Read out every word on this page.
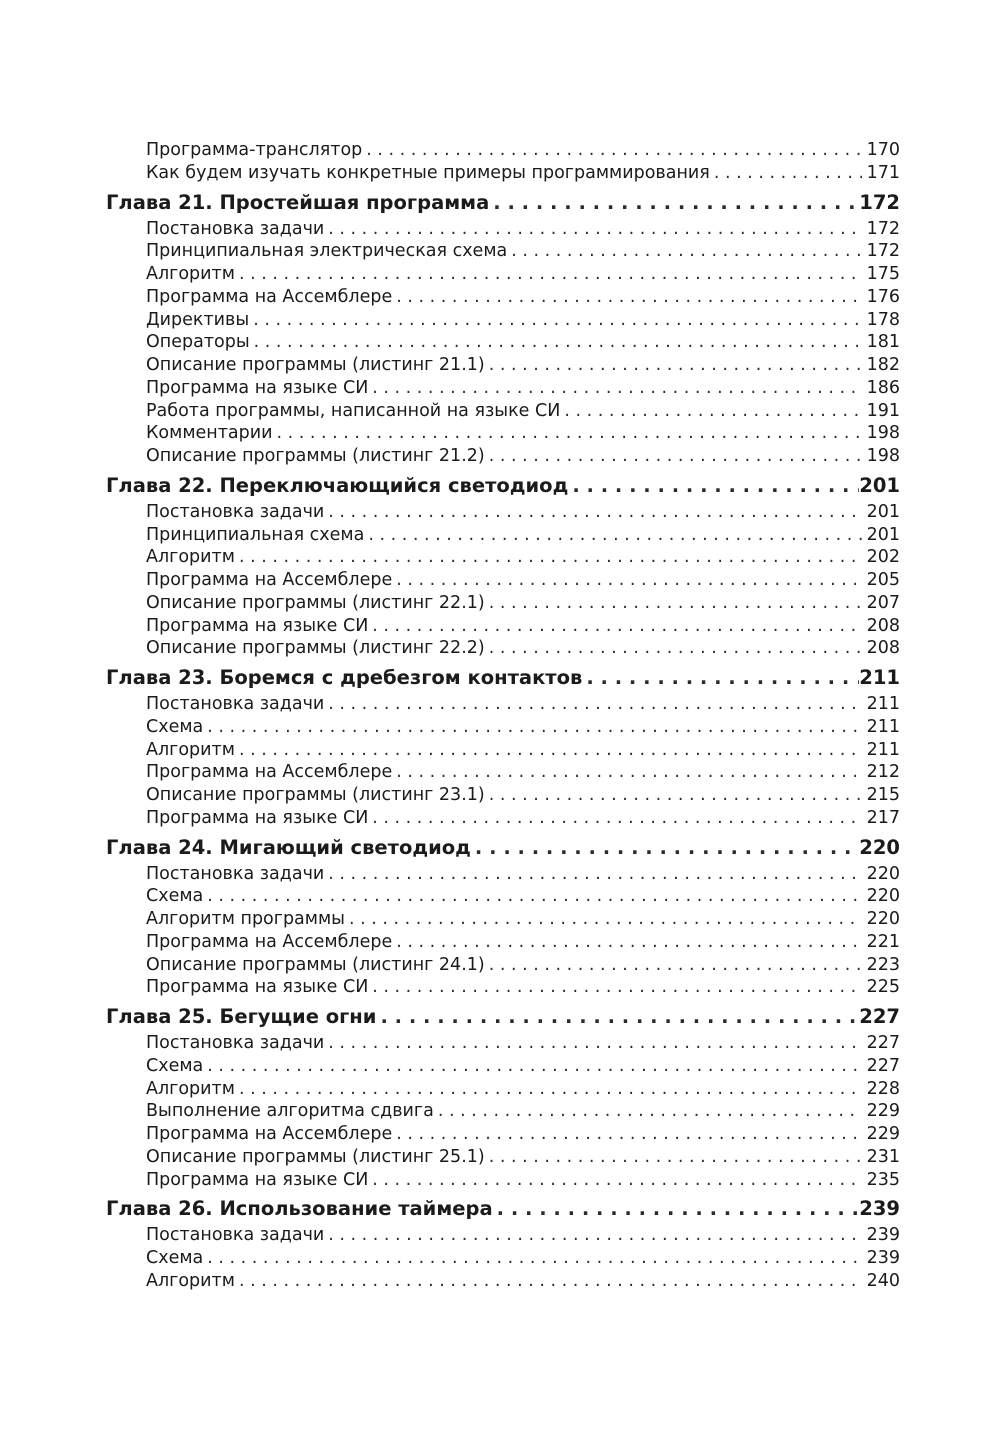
Программа-транслятор . . .	170
Как будем изучать конкретные примеры программирования . . .	171
Глава 21. Простейшая программа . . .	172
Постановка задачи . . .	172
Принципиальная электрическая схема . . .	172
Алгоритм . . .	175
Программа на Ассемблере . . .	176
Директивы . . .	178
Операторы . . .	181
Описание программы (листинг 21.1) . . .	182
Программа на языке СИ . . .	186
Работа программы, написанной на языке СИ . . .	191
Комментарии . . .	198
Описание программы (листинг 21.2) . . .	198
Глава 22. Переключающийся светодиод . . .	201
Постановка задачи . . .	201
Принципиальная схема . . .	201
Алгоритм . . .	202
Программа на Ассемблере . . .	205
Описание программы (листинг 22.1) . . .	207
Программа на языке СИ . . .	208
Описание программы (листинг 22.2) . . .	208
Глава 23. Боремся с дребезгом контактов . . .	211
Постановка задачи . . .	211
Схема . . .	211
Алгоритм . . .	211
Программа на Ассемблере . . .	212
Описание программы (листинг 23.1) . . .	215
Программа на языке СИ . . .	217
Глава 24. Мигающий светодиод . . .	220
Постановка задачи . . .	220
Схема . . .	220
Алгоритм программы . . .	220
Программа на Ассемблере . . .	221
Описание программы (листинг 24.1) . . .	223
Программа на языке СИ . . .	225
Глава 25. Бегущие огни . . .	227
Постановка задачи . . .	227
Схема . . .	227
Алгоритм . . .	228
Выполнение алгоритма сдвига . . .	229
Программа на Ассемблере . . .	229
Описание программы (листинг 25.1) . . .	231
Программа на языке СИ . . .	235
Глава 26. Использование таймера . . .	239
Постановка задачи . . .	239
Схема . . .	239
Алгоритм . . .	240
